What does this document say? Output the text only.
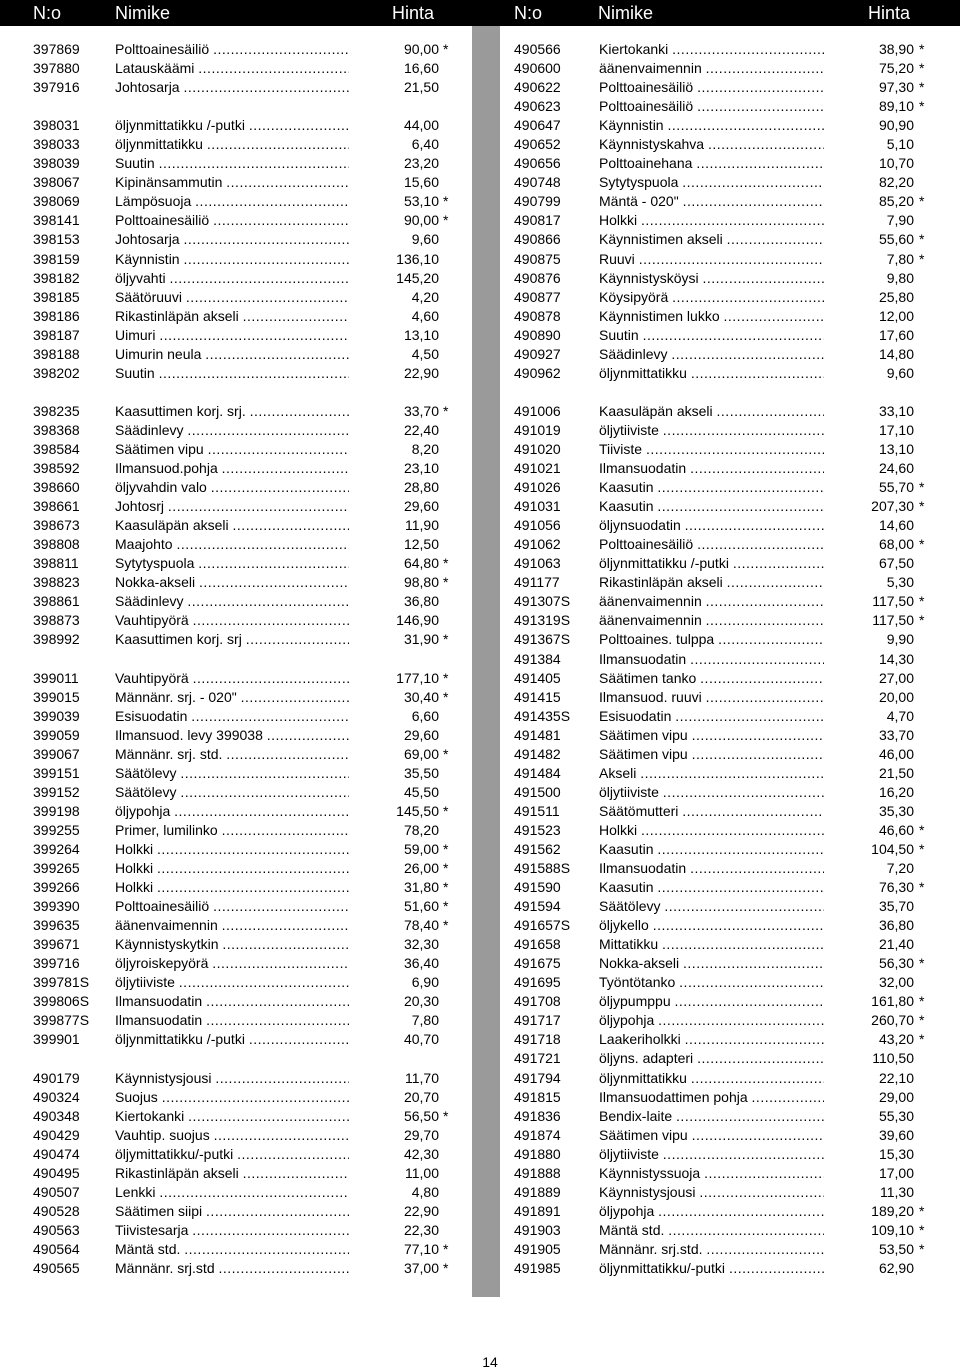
N:o	Nimike	Hinta	N:o	Nimike	Hinta
397869	Polttoainesäiliö .....	90,00 *
397880	Latauskäämi .....	16,60
397916	Johtosarja .....	21,50
398031	öljynmittatikku /-putki .....	44,00
398033	öljynmittatikku .....	6,40
398039	Suutin .....	23,20
398067	Kipinänsammutin .....	15,60
398069	Lämpösuoja .....	53,10 *
398141	Polttoainesäiliö .....	90,00 *
398153	Johtosarja .....	9,60
398159	Käynnistin .....	136,10
398182	öljyvahti .....	145,20
398185	Säätöruuvi .....	4,20
398186	Rikastinläpän akseli .....	4,60
398187	Uimuri .....	13,10
398188	Uimurin neula .....	4,50
398202	Suutin .....	22,90
398235	Kaasuttimen korj. srj. .....	33,70 *
398368	Säädinlevy .....	22,40
398584	Säätimen vipu .....	8,20
398592	Ilmansuod.pohja .....	23,10
398660	öljyvahdin valo .....	28,80
398661	Johtosrj .....	29,60
398673	Kaasuläpän akseli .....	11,90
398808	Maajohto .....	12,50
398811	Sytytyspuola .....	64,80 *
398823	Nokka-akseli .....	98,80 *
398861	Säädinlevy .....	36,80
398873	Vauhtipyörä .....	146,90
398992	Kaasuttimen korj. srj .....	31,90 *
399011	Vauhtipyörä .....	177,10 *
399015	Männänr. srj. - 020" .....	30,40 *
399039	Esisuodatin .....	6,60
399059	Ilmansuod. levy 399038 .....	29,60
399067	Männänr. srj. std. .....	69,00 *
399151	Säätölevy .....	35,50
399152	Säätölevy .....	45,50
399198	öljypohja .....	145,50 *
399255	Primer, lumilinko .....	78,20
399264	Holkki .....	59,00 *
399265	Holkki .....	26,00 *
399266	Holkki .....	31,80 *
399390	Polttoainesäiliö .....	51,60 *
399635	äänenvaimennin .....	78,40 *
399671	Käynnistyskytkin .....	32,30
399716	öljyroiskepyörä .....	36,40
399781S öljytiiviste .....	6,90
399806S Ilmansuodatin .....	20,30
399877S Ilmansuodatin .....	7,80
399901	öljynmittatikku /-putki .....	40,70
490179	Käynnistysjousi .....	11,70
490324	Suojus .....	20,70
490348	Kiertokanki .....	56,50 *
490429	Vauhtip. suojus .....	29,70
490474	öljymittatikku/-putki .....	42,30
490495	Rikastinläpän akseli .....	11,00
490507	Lenkki .....	4,80
490528	Säätimen siipi .....	22,90
490563	Tiivistesarja .....	22,30
490564	Mäntä std. .....	77,10 *
490565	Männänr. srj.std .....	37,00 *
490566	Kiertokanki .....	38,90 *
490600	äänenvaimennin .....	75,20 *
490622	Polttoainesäiliö .....	97,30 *
490623	Polttoainesäiliö .....	89,10 *
490647	Käynnistin .....	90,90
490652	Käynnistyskahva .....	5,10
490656	Polttoainehana .....	10,70
490748	Sytytyspuola .....	82,20
490799	Mäntä - 020" .....	85,20 *
490817	Holkki .....	7,90
490866	Käynnistimen akseli .....	55,60 *
490875	Ruuvi .....	7,80 *
490876	Käynnistysköysi .....	9,80
490877	Köysipyörä .....	25,80
490878	Käynnistimen lukko .....	12,00
490890	Suutin .....	17,60
490927	Säädinlevy .....	14,80
490962	öljynmittatikku .....	9,60
491006	Kaasuläpän akseli .....	33,10
491019	öljytiiviste .....	17,10
491020	Tiiviste .....	13,10
491021	Ilmansuodatin .....	24,60
491026	Kaasutin .....	55,70 *
491031	Kaasutin .....	207,30 *
491056	öljynsuodatin .....	14,60
491062	Polttoainesäiliö .....	68,00 *
491063	öljynmittatikku /-putki .....	67,50
491177	Rikastinläpän akseli .....	5,30
491307S äänenvaimennin .....	117,50 *
491319S äänenvaimennin .....	117,50 *
491367S Polttoaines. tulppa .....	9,90
491384	Ilmansuodatin .....	14,30
491405	Säätimen tanko .....	27,00
491415	Ilmansuod. ruuvi .....	20,00
491435S Esisuodatin .....	4,70
491481	Säätimen vipu .....	33,70
491482	Säätimen vipu .....	46,00
491484	Akseli .....	21,50
491500	öljytiiviste .....	16,20
491511	Säätömutteri .....	35,30
491523	Holkki .....	46,60 *
491562	Kaasutin .....	104,50 *
491588S Ilmansuodatin .....	7,20
491590	Kaasutin .....	76,30 *
491594	Säätölevy .....	35,70
491657S öljykello .....	36,80
491658	Mittatikku .....	21,40
491675	Nokka-akseli .....	56,30 *
491695	Työntötanko .....	32,00
491708	öljypumppu .....	161,80 *
491717	öljypohja .....	260,70 *
491718	Laakeriholkki .....	43,20 *
491721	öljyns. adapteri .....	110,50
491794	öljynmittatikku .....	22,10
491815	Ilmansuodattimen pohja .....	29,00
491836	Bendix-laite .....	55,30
491874	Säätimen vipu .....	39,60
491880	öljytiiviste .....	15,30
491888	Käynnistyssuoja .....	17,00
491889	Käynnistysjousi .....	11,30
491891	öljypohja .....	189,20 *
491903	Mäntä std. .....	109,10 *
491905	Männänr. srj.std. .....	53,50 *
491985	öljynmittatikku/-putki .....	62,90
14
